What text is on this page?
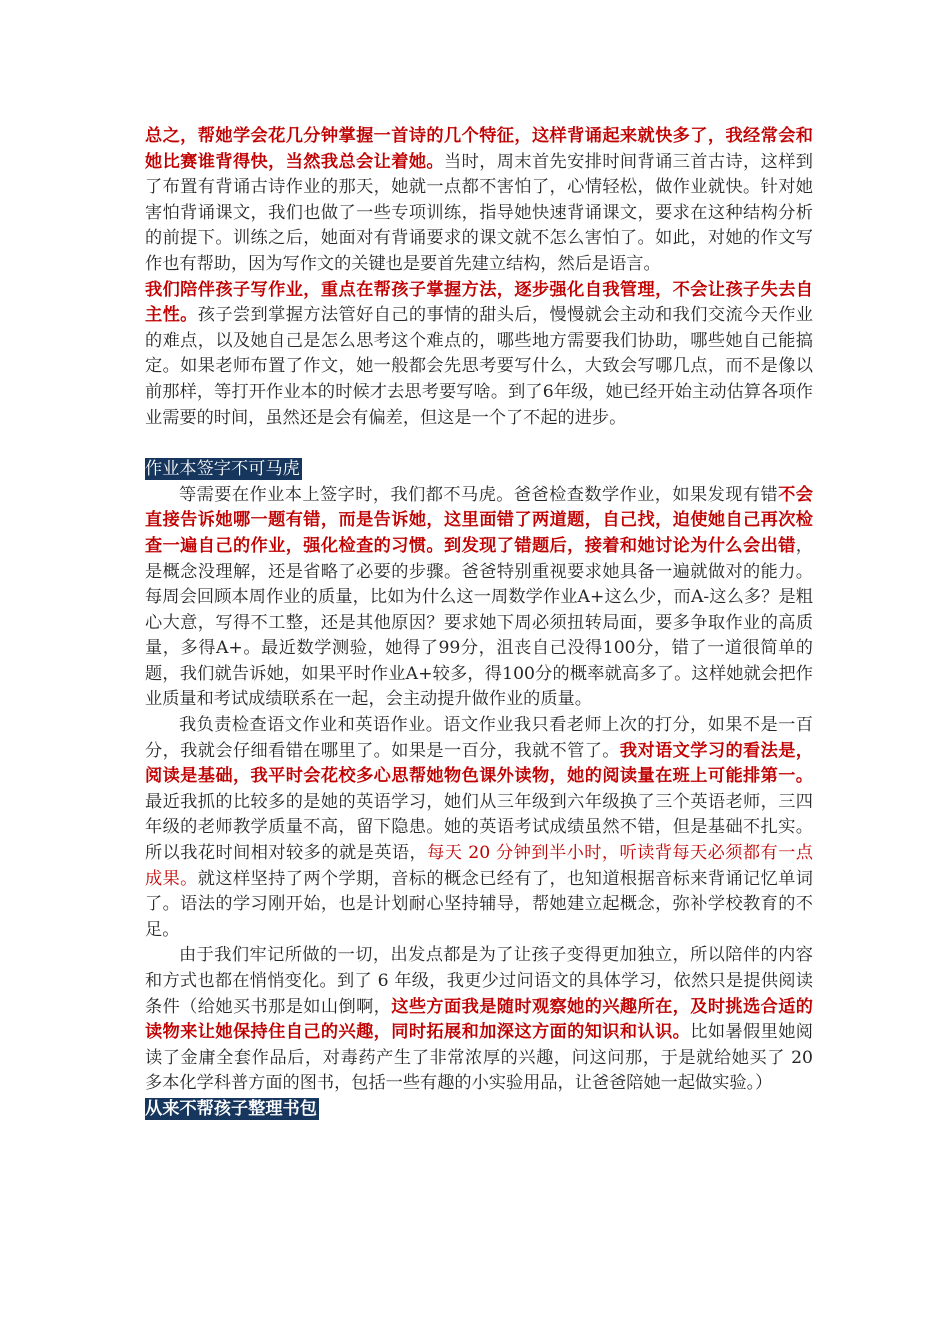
总之，帮她学会花几分钟掌握一首诗的几个特征，这样背诵起来就快多了，我经常会和她比赛谁背得快，当然我总会让着她。当时，周末首先安排时间背诵三首古诗，这样到了布置有背诵古诗作业的那天，她就一点都不害怕了，心情轻松，做作业就快。针对她害怕背诵课文，我们也做了一些专项训练，指导她快速背诵课文，要求在这种结构分析的前提下。训练之后，她面对有背诵要求的课文就不怎么害怕了。如此，对她的作文写作也有帮助，因为写作文的关键也是要首先建立结构，然后是语言。

我们陪伴孩子写作业，重点在帮孩子掌握方法，逐步强化自我管理，不会让孩子失去自主性。孩子尝到掌握方法管好自己的事情的甜头后，慢慢就会主动和我们交流今天作业的难点，以及她自己是怎么思考这个难点的，哪些地方需要我们协助，哪些她自己能搞定。如果老师布置了作文，她一般都会先思考要写什么，大致会写哪几点，而不是像以前那样，等打开作业本的时候才去思考要写啥。到了6年级，她已经开始主动估算各项作业需要的时间，虽然还是会有偏差，但这是一个了不起的进步。

作业本签字不可马虎

等需要在作业本上签字时，我们都不马虎。爸爸检查数学作业，如果发现有错不会直接告诉她哪一题有错，而是告诉她，这里面错了两道题，自己找，迫使她自己再次检查一遍自己的作业，强化检查的习惯。到发现了错题后，接着和她讨论为什么会出错，是概念没理解，还是省略了必要的步骤。爸爸特别重视要求她具备一遍就做对的能力。每周会回顾本周作业的质量，比如为什么这一周数学作业A+这么少，而A-这么多？是粗心大意，写得不工整，还是其他原因？要求她下周必须扭转局面，要多争取作业的高质量，多得A+。最近数学测验，她得了99分，沮丧自己没得100分，错了一道很简单的题，我们就告诉她，如果平时作业A+较多，得100分的概率就高多了。这样她就会把作业质量和考试成绩联系在一起，会主动提升做作业的质量。

我负责检查语文作业和英语作业。语文作业我只看老师上次的打分，如果不是一百分，我就会仔细看错在哪里了。如果是一百分，我就不管了。我对语文学习的看法是，阅读是基础，我平时会花校多心思帮她物色课外读物，她的阅读量在班上可能排第一。最近我抓的比较多的是她的英语学习，她们从三年级到六年级换了三个英语老师，三四年级的老师教学质量不高，留下隐患。她的英语考试成绩虽然不错，但是基础不扎实。所以我花时间相对较多的就是英语，每天 20 分钟到半小时，听读背每天必须都有一点成果。就这样坚持了两个学期，音标的概念已经有了，也知道根据音标来背诵记忆单词了。语法的学习刚开始，也是计划耐心坚持辅导，帮她建立起概念，弥补学校教育的不足。

由于我们牢记所做的一切，出发点都是为了让孩子变得更加独立，所以陪伴的内容和方式也都在悄悄变化。到了 6 年级，我更少过问语文的具体学习，依然只是提供阅读条件（给她买书那是如山倒啊，这些方面我是随时观察她的兴趣所在，及时挑选合适的读物来让她保持住自己的兴趣，同时拓展和加深这方面的知识和认识。比如暑假里她阅读了金庸全套作品后，对毒药产生了非常浓厚的兴趣，问这问那，于是就给她买了 20 多本化学科普方面的图书，包括一些有趣的小实验用品，让爸爸陪她一起做实验。）

从来不帮孩子整理书包
